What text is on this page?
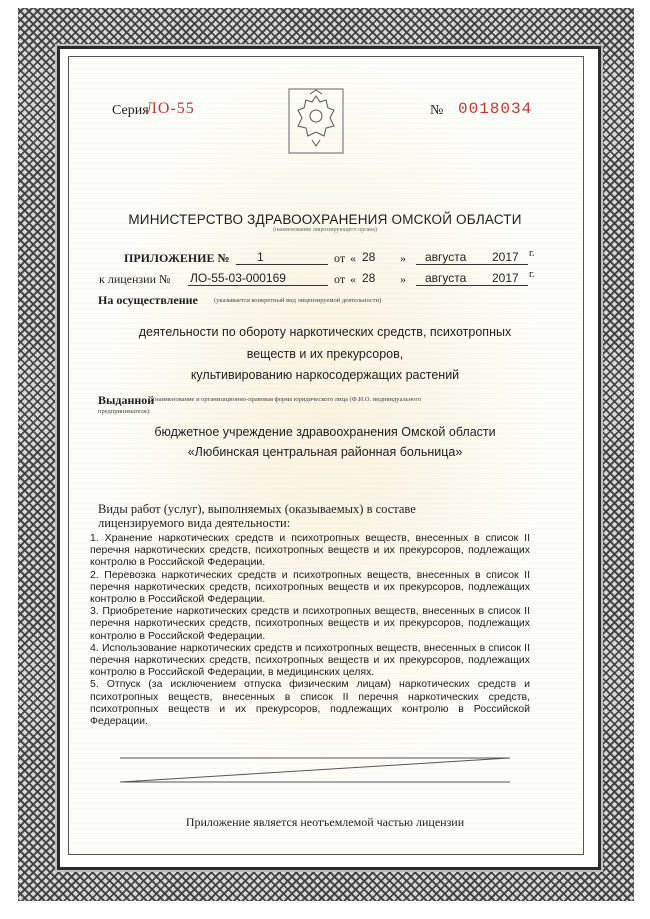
Серия
ЛО-55	№ 0018034
МИНИСТЕРСТВО ЗДРАВООХРАНЕНИЯ ОМСКОЙ ОБЛАСТИ
(наименование лицензирующего органа)
ПРИЛОЖЕНИЕ № 1	от « 28 » августа 2017 г.
к лицензии № ЛО-55-03-000169	от « 28 » августа 2017 г.
На осуществление (указывается конкретный вид лицензируемой деятельности)
деятельности по обороту наркотических средств, психотропных
веществ и их прекурсоров,
культивированию наркосодержащих растений
Выданной
(наименование и организационно-правовая форма юридического лица (Ф.И.О. индивидуального
предпринимателя):
бюджетное учреждение здравоохранения Омской области
«Любинская центральная районная больница»
Виды работ (услуг), выполняемых (оказываемых) в составе
лицензируемого вида деятельности:

1. Хранение наркотических средств и психотропных веществ, внесенных в список II перечня наркотических средств, психотропных веществ и их прекурсоров, подлежащих контролю в Российской Федерации.

2. Перевозка наркотических средств и психотропных веществ, внесенных в список II перечня наркотических средств, психотропных веществ и их прекурсоров, подлежащих контролю в Российской Федерации.

3. Приобретение наркотических средств и психотропных веществ, внесенных в список II перечня наркотических средств, психотропных веществ и их прекурсоров, подлежащих контролю в Российской Федерации.

4. Использование наркотических средств и психотропных веществ, внесенных в список II перечня наркотических средств, психотропных веществ и их прекурсоров, подлежащих контролю в Российской Федерации, в медицинских целях.

5. Отпуск (за исключением отпуска физическим лицам) наркотических средств и психотропных веществ, внесенных в список II перечня наркотических средств, психотропных веществ и их прекурсоров, подлежащих контролю в Российской Федерации.

Приложение является неотъемлемой частью лицензии
